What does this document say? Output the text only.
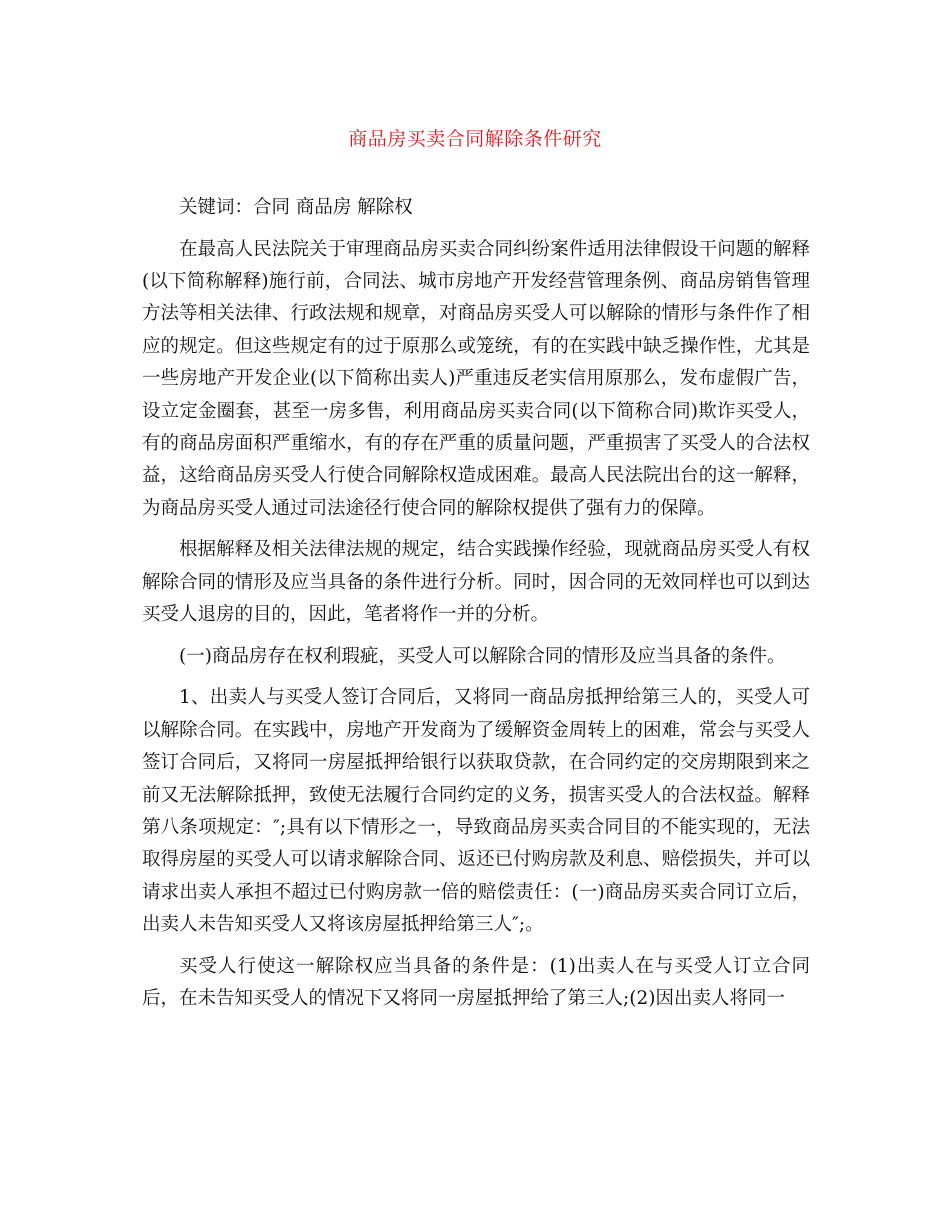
商品房买卖合同解除条件研究

关键词：合同 商品房 解除权

在最高人民法院关于审理商品房买卖合同纠纷案件适用法律假设干问题的解释(以下简称解释)施行前，合同法、城市房地产开发经营管理条例、商品房销售管理方法等相关法律、行政法规和规章，对商品房买受人可以解除的情形与条件作了相应的规定。但这些规定有的过于原那么或笼统，有的在实践中缺乏操作性，尤其是一些房地产开发企业(以下简称出卖人)严重违反老实信用原那么，发布虚假广告，设立定金圈套，甚至一房多售，利用商品房买卖合同(以下简称合同)欺诈买受人，有的商品房面积严重缩水，有的存在严重的质量问题，严重损害了买受人的合法权益，这给商品房买受人行使合同解除权造成困难。最高人民法院出台的这一解释，为商品房买受人通过司法途径行使合同的解除权提供了强有力的保障。

根据解释及相关法律法规的规定，结合实践操作经验，现就商品房买受人有权解除合同的情形及应当具备的条件进行分析。同时，因合同的无效同样也可以到达买受人退房的目的，因此，笔者将作一并的分析。

(一)商品房存在权利瑕疵，买受人可以解除合同的情形及应当具备的条件。

1、出卖人与买受人签订合同后，又将同一商品房抵押给第三人的，买受人可以解除合同。在实践中，房地产开发商为了缓解资金周转上的困难，常会与买受人签订合同后，又将同一房屋抵押给银行以获取贷款，在合同约定的交房期限到来之前又无法解除抵押，致使无法履行合同约定的义务，损害买受人的合法权益。解释第八条项规定：″;具有以下情形之一，导致商品房买卖合同目的不能实现的，无法取得房屋的买受人可以请求解除合同、返还已付购房款及利息、赔偿损失，并可以请求出卖人承担不超过已付购房款一倍的赔偿责任：(一)商品房买卖合同订立后，出卖人未告知买受人又将该房屋抵押给第三人″;。

买受人行使这一解除权应当具备的条件是：(1)出卖人在与买受人订立合同后，在未告知买受人的情况下又将同一房屋抵押给了第三人;(2)因出卖人将同一
